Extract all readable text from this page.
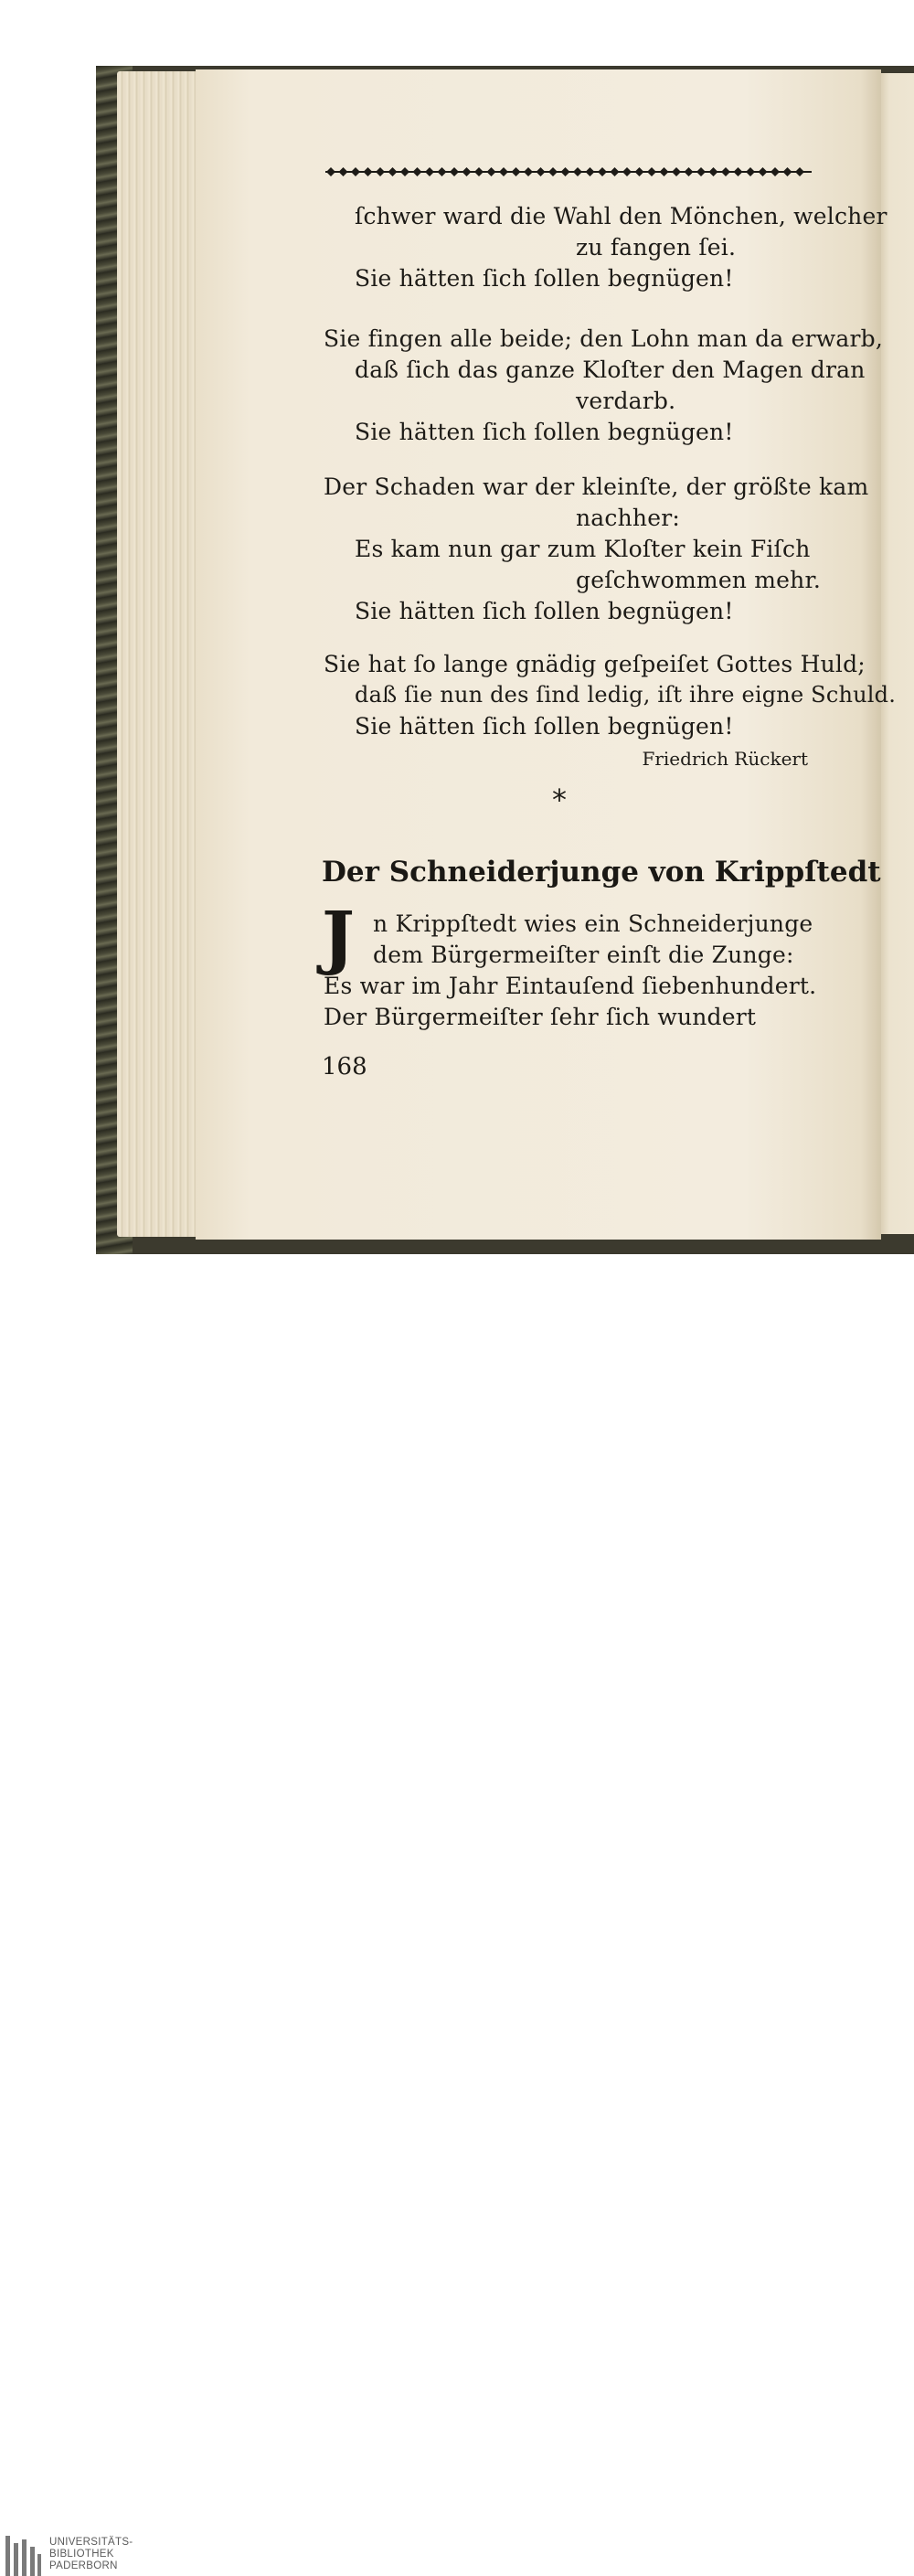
ſchwer ward die Wahl den Mönchen, welcher
zu fangen ſei.
Sie hätten ſich ſollen begnügen!
Sie fingen alle beide; den Lohn man da erwarb,
daß ſich das ganze Kloſter den Magen dran
verdarb.
Sie hätten ſich ſollen begnügen!
Der Schaden war der kleinſte, der größte kam
nachher:
Es kam nun gar zum Kloſter kein Fiſch
geſchwommen mehr.
Sie hätten ſich ſollen begnügen!
Sie hat ſo lange gnädig geſpeiſet Gottes Huld;
daß ſie nun des ſind ledig, iſt ihre eigne Schuld.
Sie hätten ſich ſollen begnügen!
Friedrich Rückert
*
Der Schneiderjunge von Krippſtedt
J n Krippſtedt wies ein Schneiderjunge
dem Bürgermeiſter einſt die Zunge:
Es war im Jahr Eintauſend ſiebenhundert.
Der Bürgermeiſter ſehr ſich wundert
168
UNIVERSITÄTS-
BIBLIOTHEK
PADERBORN
